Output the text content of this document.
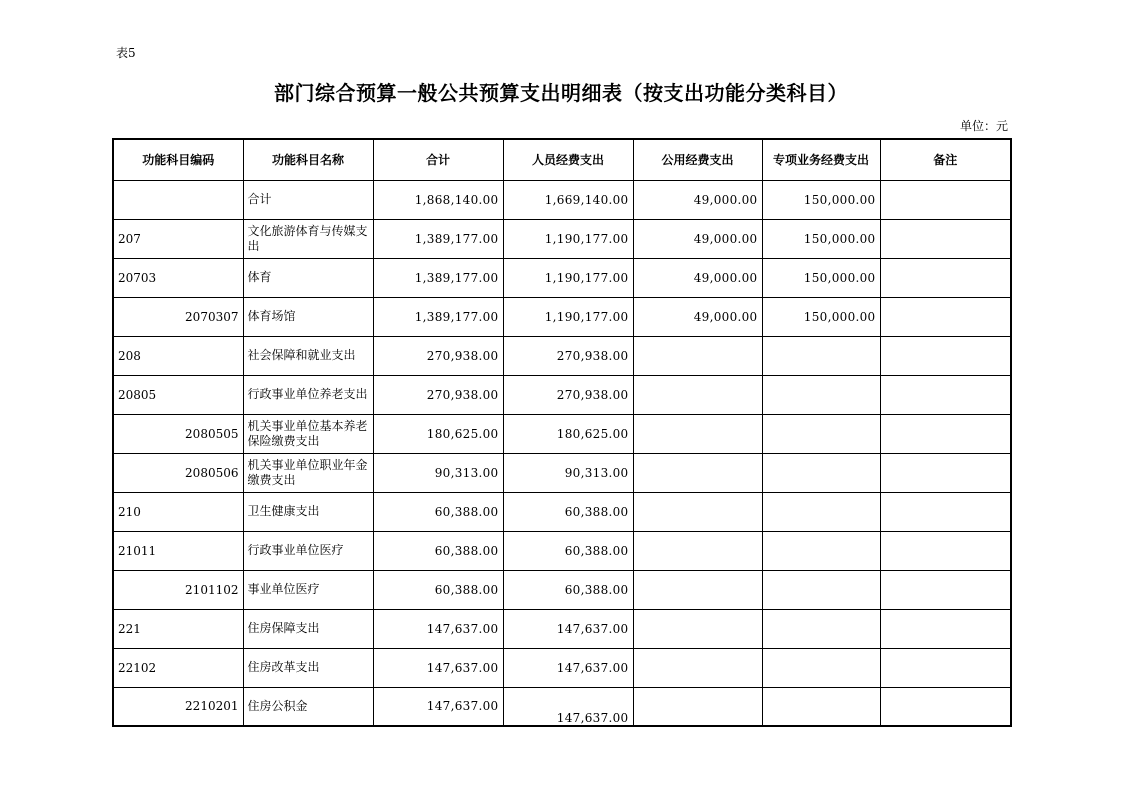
表5
部门综合预算一般公共预算支出明细表（按支出功能分类科目）
单位：元
功能科目编码	功能科目名称	合计	人员经费支出	公用经费支出	专项业务经费支出	备注
	合计	1,868,140.00	1,669,140.00	49,000.00	150,000.00	
207	文化旅游体育与传媒支出	1,389,177.00	1,190,177.00	49,000.00	150,000.00	
20703	体育	1,389,177.00	1,190,177.00	49,000.00	150,000.00	
2070307	体育场馆	1,389,177.00	1,190,177.00	49,000.00	150,000.00	
208	社会保障和就业支出	270,938.00	270,938.00			
20805	行政事业单位养老支出	270,938.00	270,938.00			
2080505	机关事业单位基本养老保险缴费支出	180,625.00	180,625.00			
2080506	机关事业单位职业年金缴费支出	90,313.00	90,313.00			
210	卫生健康支出	60,388.00	60,388.00			
21011	行政事业单位医疗	60,388.00	60,388.00			
2101102	事业单位医疗	60,388.00	60,388.00			
221	住房保障支出	147,637.00	147,637.00			
22102	住房改革支出	147,637.00	147,637.00			
2210201	住房公积金	147,637.00	147,637.00			
